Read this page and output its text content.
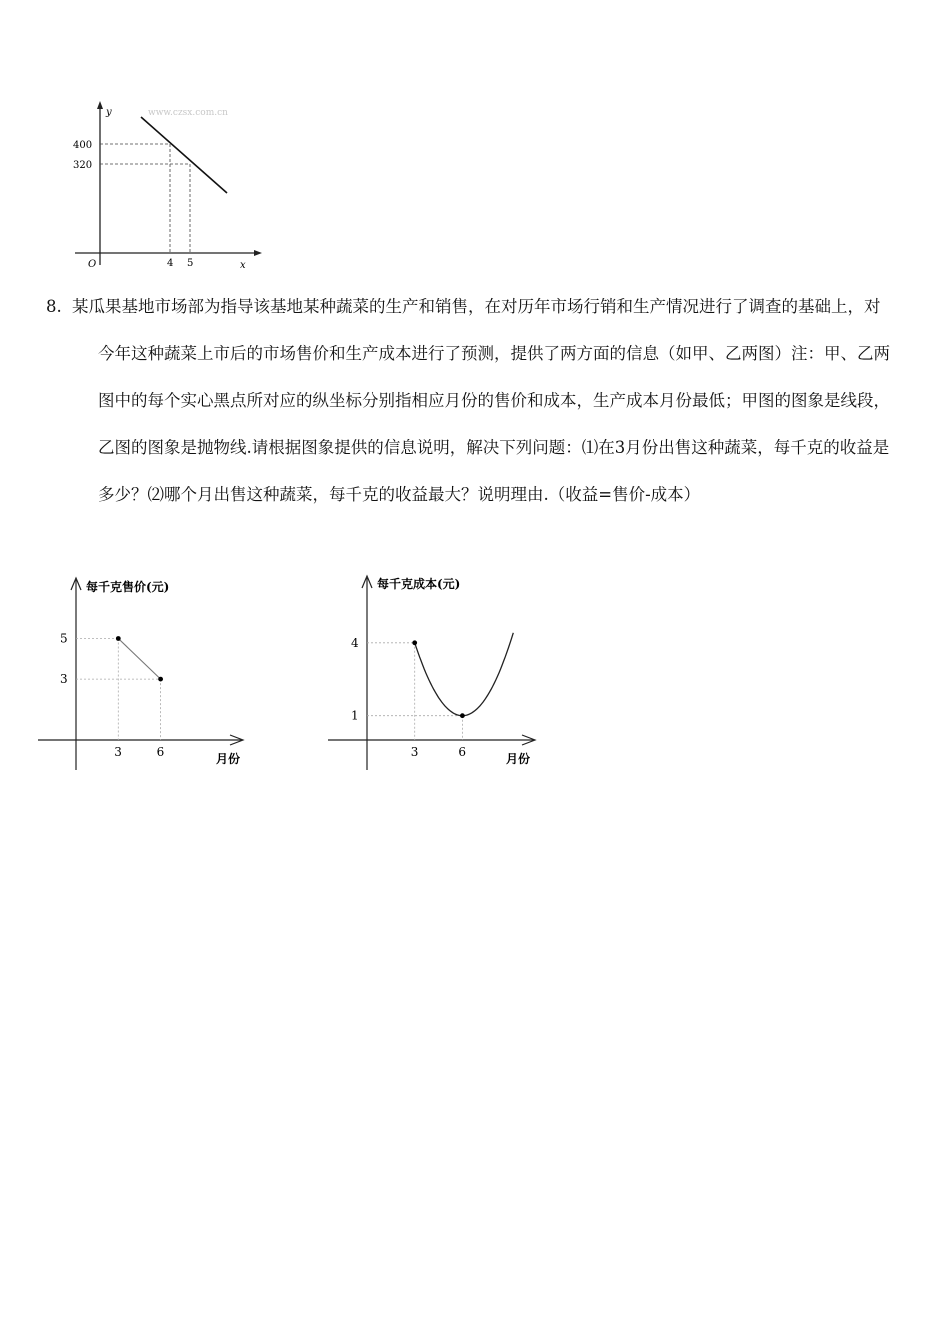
www.czsx.com.cn
y
x
O
400
320
4 5

8. 某瓜果基地市场部为指导该基地某种蔬菜的生产和销售，在对历年市场行销和生产情况进行了调查的基础上，对今年这种蔬菜上市后的市场售价和生产成本进行了预测，提供了两方面的信息（如甲、乙两图）注：甲、乙两图中的每个实心黑点所对应的纵坐标分别指相应月份的售价和成本，生产成本月份最低；甲图的图象是线段，乙图的图象是抛物线.请根据图象提供的信息说明，解决下列问题：⑴在3月份出售这种蔬菜，每千克的收益是多少？⑵哪个月出售这种蔬菜，每千克的收益最大？说明理由.（收益=售价-成本）

每千克售价(元)
月份
3	6
5
3
每千克成本(元)
月份
3	6
4
1
